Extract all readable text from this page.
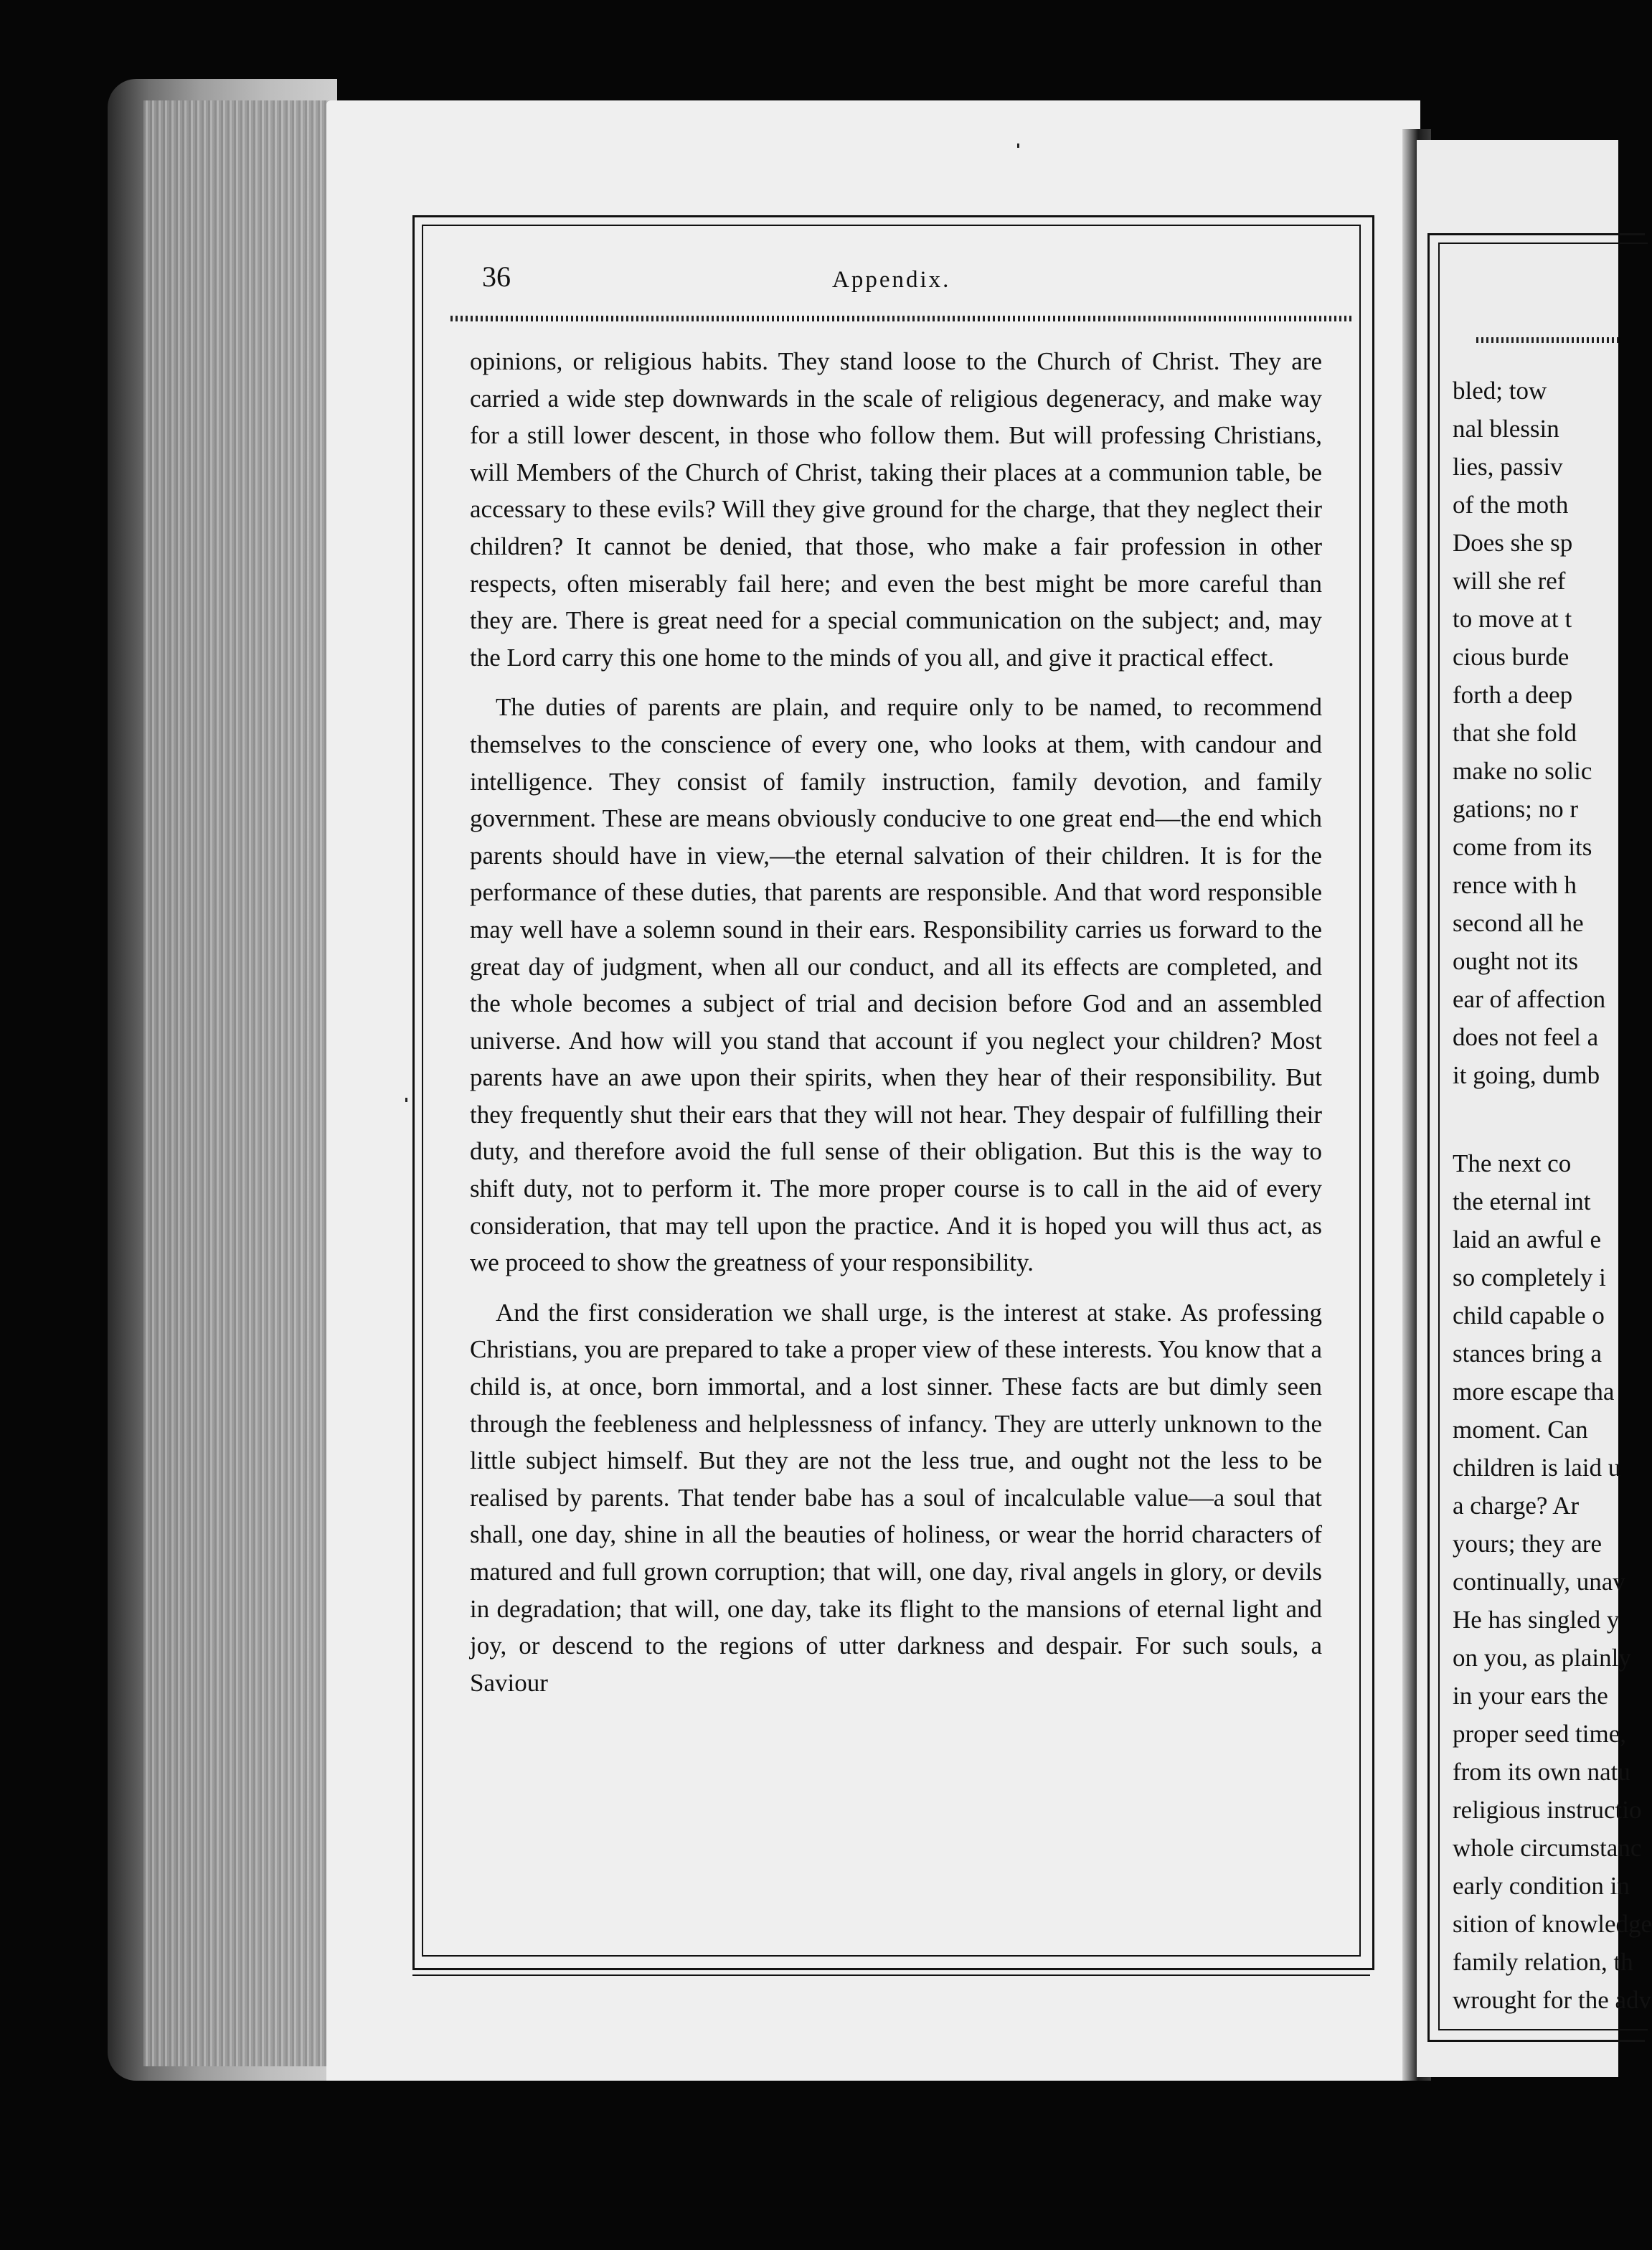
36	Appendix.

opinions, or religious habits. They stand loose to the Church of Christ. They are carried a wide step downwards in the scale of religious degeneracy, and make way for a still lower descent, in those who follow them. But will professing Christians, will Members of the Church of Christ, taking their places at a communion table, be accessary to these evils? Will they give ground for the charge, that they neglect their children? It cannot be denied, that those, who make a fair profession in other respects, often miserably fail here; and even the best might be more careful than they are. There is great need for a special communication on the subject; and, may the Lord carry this one home to the minds of you all, and give it practical effect.

The duties of parents are plain, and require only to be named, to recommend themselves to the conscience of every one, who looks at them, with candour and intelligence. They consist of family instruction, family devotion, and family government. These are means obviously conducive to one great end—the end which parents should have in view,—the eternal salvation of their children. It is for the performance of these duties, that parents are responsible. And that word responsible may well have a solemn sound in their ears. Responsibility carries us forward to the great day of judgment, when all our conduct, and all its effects are completed, and the whole becomes a subject of trial and decision before God and an assembled universe. And how will you stand that account if you neglect your children? Most parents have an awe upon their spirits, when they hear of their responsibility. But they frequently shut their ears that they will not hear. They despair of fulfilling their duty, and therefore avoid the full sense of their obligation. But this is the way to shift duty, not to perform it. The more proper course is to call in the aid of every consideration, that may tell upon the practice. And it is hoped you will thus act, as we proceed to show the greatness of your responsibility.

And the first consideration we shall urge, is the interest at stake. As professing Christians, you are prepared to take a proper view of these interests. You know that a child is, at once, born immortal, and a lost sinner. These facts are but dimly seen through the feebleness and helplessness of infancy. They are utterly unknown to the little subject himself. But they are not the less true, and ought not the less to be realised by parents. That tender babe has a soul of incalculable value—a soul that shall, one day, shine in all the beauties of holiness, or wear the horrid characters of matured and full grown corruption; that will, one day, rival angels in glory, or devils in degradation; that will, one day, take its flight to the mansions of eternal light and joy, or descend to the regions of utter darkness and despair. For such souls, a Saviour

bled; tow
nal blessin
lies, passiv
of the moth
Does she sp
will she ref
to move at t
cious burde
forth a deep
that she fold
make no solic
gations; no r
come from its
rence with h
second all he
ought not its
ear of affection
does not feel a
it going, dumb
The next co
the eternal int
laid an awful e
so completely i
child capable o
stances bring a
more escape tha
moment. Can
children is laid u
a charge? Ar
yours; they are
continually, unav
He has singled y
on you, as plainly
in your ears the
proper seed time,
from its own natu
religious instructio
whole circumstanc
early condition in
sition of knowledge
family relation, th
wrought for the adv
